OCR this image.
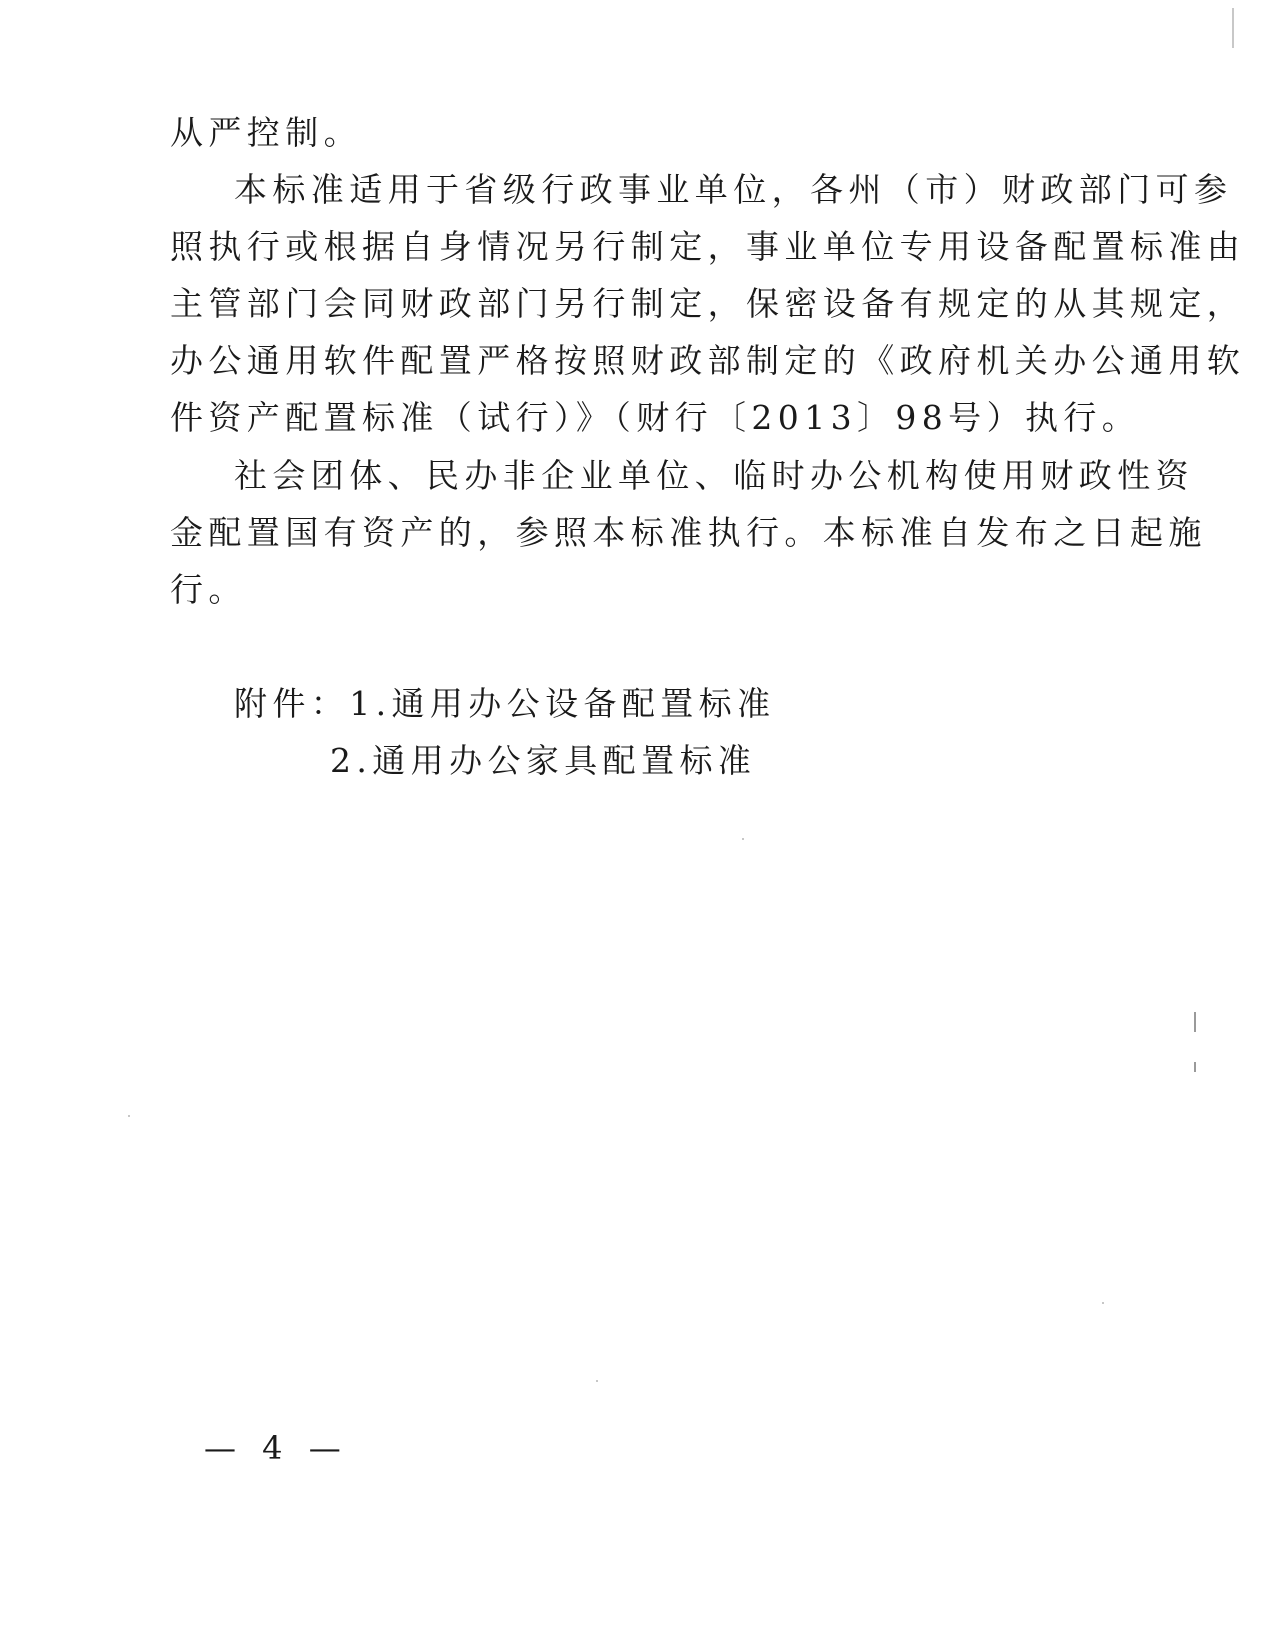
从严控制。
本标准适用于省级行政事业单位，各州（市）财政部门可参
照执行或根据自身情况另行制定，事业单位专用设备配置标准由
主管部门会同财政部门另行制定，保密设备有规定的从其规定，
办公通用软件配置严格按照财政部制定的《政府机关办公通用软
件资产配置标准（试行）》（财行〔2013〕98号）执行。
社会团体、民办非企业单位、临时办公机构使用财政性资
金配置国有资产的，参照本标准执行。本标准自发布之日起施
行。
附件：1.通用办公设备配置标准
2.通用办公家具配置标准
— 4 —
